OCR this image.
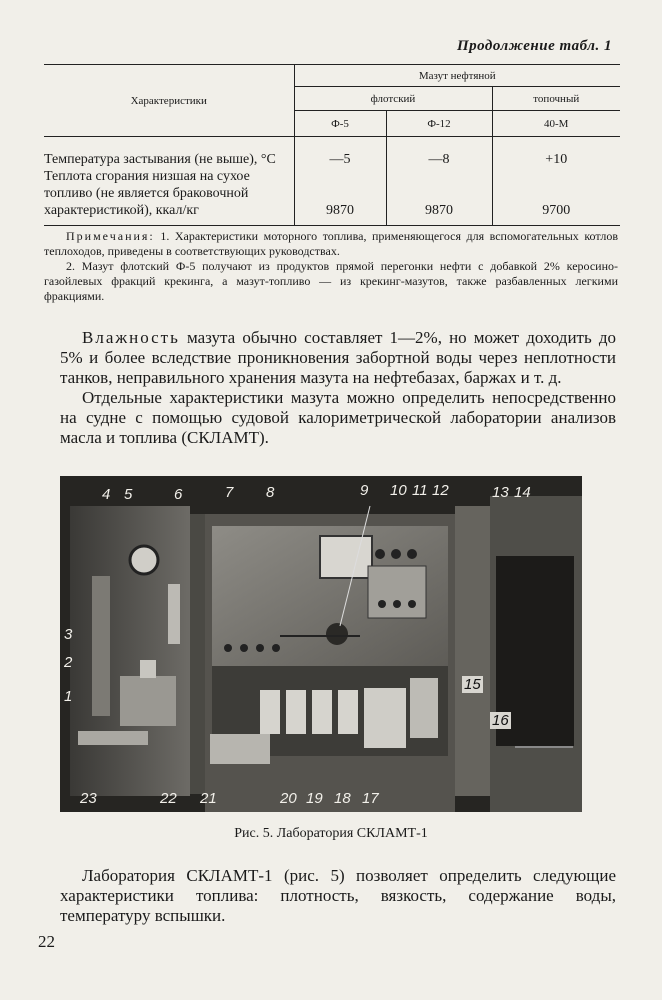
Продолжение табл. 1
Характеристики	Мазут нефтяной		
	флотский		топочный
	Ф-5	Ф-12	40-М
Температура застывания (не выше), °С	—5	—8	+10
Теплота сгорания низшая на сухое топливо (не является браковочной характеристикой), ккал/кг	9870	9870	9700

Примечания: 1. Характеристики моторного топлива, применяющегося для вспомогательных котлов теплоходов, приведены в соответствующих руководствах.

2. Мазут флотский Ф-5 получают из продуктов прямой перегонки нефти с добавкой 2% керосино-газойлевых фракций крекинга, а мазут-топливо — из крекинг-мазутов, также разбавленных легкими фракциями.

Влажность мазута обычно составляет 1—2%, но может доходить до 5% и более вследствие проникновения забортной воды через неплотности танков, неправильного хранения мазута на нефтебазах, баржах и т. д.

Отдельные характеристики мазута можно определить непосредственно на судне с помощью судовой калориметрической лаборатории анализов масла и топлива (СКЛАМТ).

4 5	6	7 8	9 10 11 12	13 14
3
2
1
15
16
23	22 21	20 19 18 17
Рис. 5. Лаборатория СКЛАМТ-1

Лаборатория СКЛАМТ-1 (рис. 5) позволяет определить следующие характеристики топлива: плотность, вязкость, содержание воды, температуру вспышки.

22
